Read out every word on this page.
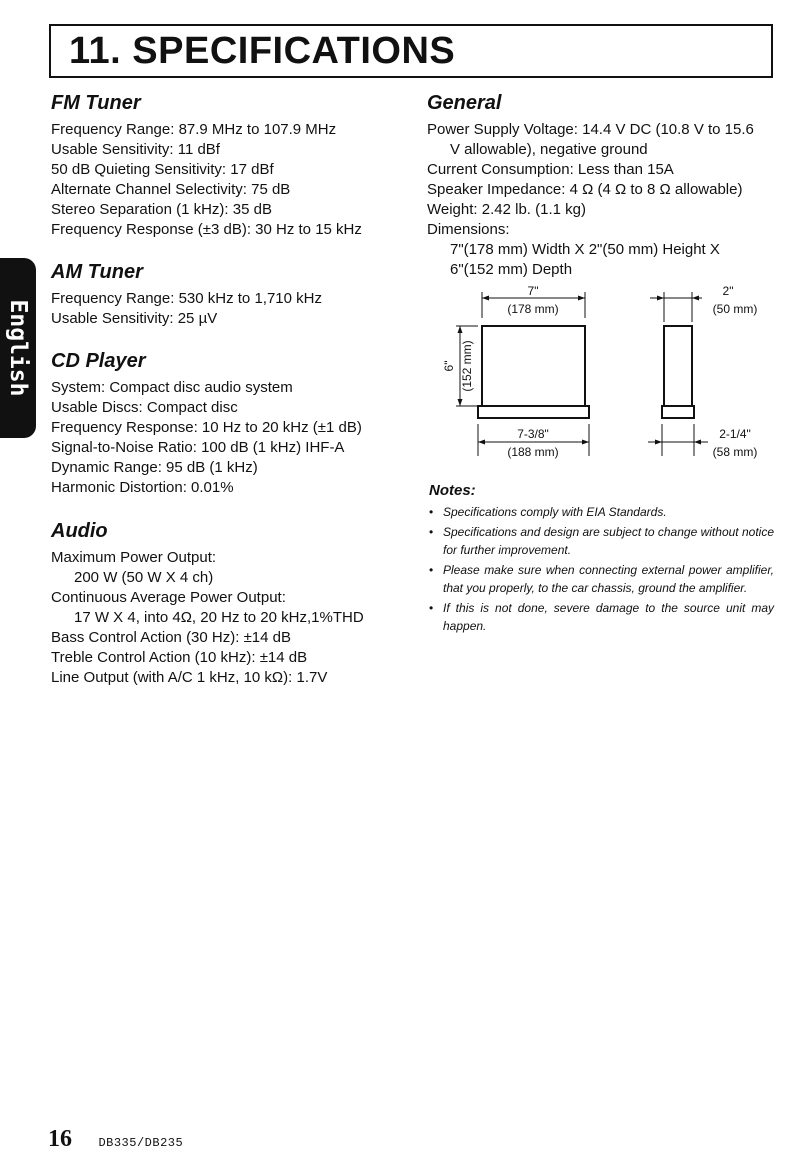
11. SPECIFICATIONS
English
FM Tuner
Frequency Range: 87.9 MHz to 107.9 MHz
Usable Sensitivity: 11 dBf
50 dB Quieting Sensitivity: 17 dBf
Alternate Channel Selectivity: 75 dB
Stereo Separation (1 kHz): 35 dB
Frequency Response (±3 dB): 30 Hz to 15 kHz
AM Tuner
Frequency Range: 530 kHz to 1,710 kHz
Usable Sensitivity: 25 µV
CD Player
System: Compact disc audio system
Usable Discs: Compact disc
Frequency Response: 10 Hz to 20 kHz (±1 dB)
Signal-to-Noise Ratio: 100 dB (1 kHz) IHF-A
Dynamic Range: 95 dB (1 kHz)
Harmonic Distortion: 0.01%
Audio
Maximum Power Output:
200 W (50 W X 4 ch)
Continuous Average Power Output:
17 W X 4, into 4Ω, 20 Hz to 20 kHz,1%THD
Bass Control Action (30 Hz): ±14 dB
Treble Control Action (10 kHz): ±14 dB
Line Output (with A/C 1 kHz, 10 kΩ): 1.7V
General
Power Supply Voltage: 14.4 V DC (10.8 V to 15.6
V allowable), negative ground
Current Consumption: Less than 15A
Speaker Impedance: 4 Ω (4 Ω to 8 Ω allowable)
Weight: 2.42 lb. (1.1 kg)
Dimensions:
7"(178 mm) Width X 2"(50 mm) Height X
6"(152 mm) Depth
7"
(178 mm)
6" (152 mm)
7-3/8"
(188 mm)
2"
(50 mm)
2-1/4"
(58 mm)
Notes:
• Specifications comply with EIA Standards.
• Specifications and design are subject to change without notice for further improvement.
• Please make sure when connecting external power amplifier, that you properly, to the car chassis, ground the amplifier.
• If this is not done, severe damage to the source unit may happen.
16 DB335/DB235
